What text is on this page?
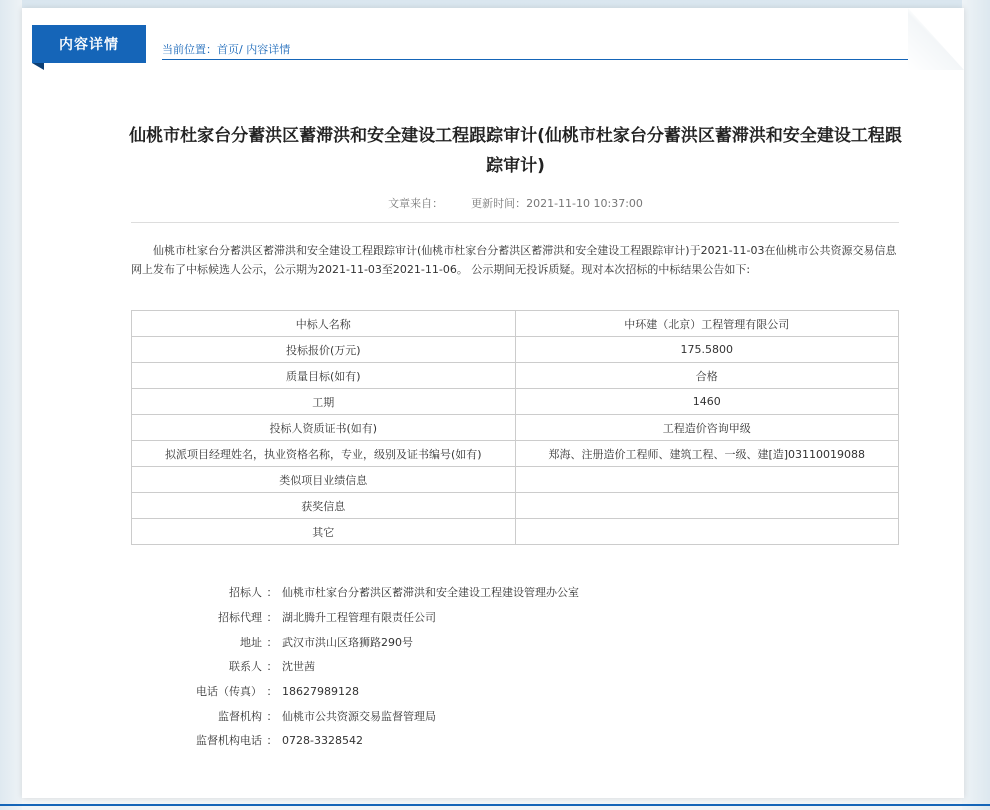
内容详情	当前位置：首页/ 内容详情
仙桃市杜家台分蓄洪区蓄滞洪和安全建设工程跟踪审计(仙桃市杜家台分蓄洪区蓄滞洪和安全建设工程跟踪审计)
文章来自：	更新时间：2021-11-10 10:37:00
仙桃市杜家台分蓄洪区蓄滞洪和安全建设工程跟踪审计(仙桃市杜家台分蓄洪区蓄滞洪和安全建设工程跟踪审计)于2021-11-03在仙桃市公共资源交易信息网上发布了中标候选人公示，公示期为2021-11-03至2021-11-06。 公示期间无投诉质疑。现对本次招标的中标结果公告如下:
中标人名称	中环建（北京）工程管理有限公司
投标报价(万元)	175.5800
质量目标(如有)	合格
工期	1460
投标人资质证书(如有)	工程造价咨询甲级
拟派项目经理姓名，执业资格名称，专业，级别及证书编号(如有)	郑海、注册造价工程师、建筑工程、一级、建[造]03110019088
类似项目业绩信息	
获奖信息	
其它	
招标人 ： 仙桃市杜家台分蓄洪区蓄滞洪和安全建设工程建设管理办公室
招标代理 ： 湖北腾升工程管理有限责任公司
地址 ： 武汉市洪山区珞狮路290号
联系人 ： 沈世茜
电话（传真） ： 18627989128
监督机构 ： 仙桃市公共资源交易监督管理局
监督机构电话 ： 0728-3328542
